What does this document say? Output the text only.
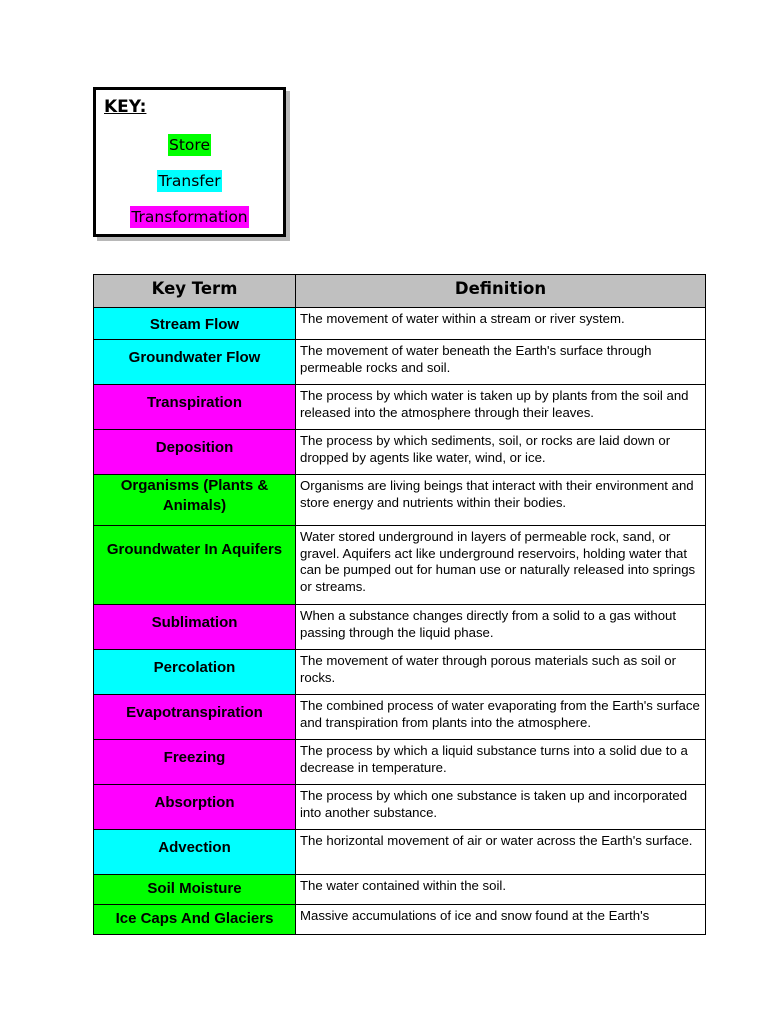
KEY:
Store
Transfer
Transformation
Key Term	Definition
Stream Flow	The movement of water within a stream or river system.
Groundwater Flow	The movement of water beneath the Earth's surface through permeable rocks and soil.
Transpiration	The process by which water is taken up by plants from the soil and released into the atmosphere through their leaves.
Deposition	The process by which sediments, soil, or rocks are laid down or dropped by agents like water, wind, or ice.
Organisms (Plants & Animals)	Organisms are living beings that interact with their environment and store energy and nutrients within their bodies.
Groundwater In Aquifers	Water stored underground in layers of permeable rock, sand, or gravel. Aquifers act like underground reservoirs, holding water that can be pumped out for human use or naturally released into springs or streams.
Sublimation	When a substance changes directly from a solid to a gas without passing through the liquid phase.
Percolation	The movement of water through porous materials such as soil or rocks.
Evapotranspiration	The combined process of water evaporating from the Earth's surface and transpiration from plants into the atmosphere.
Freezing	The process by which a liquid substance turns into a solid due to a decrease in temperature.
Absorption	The process by which one substance is taken up and incorporated into another substance.
Advection	The horizontal movement of air or water across the Earth's surface.
Soil Moisture	The water contained within the soil.
Ice Caps And Glaciers	Massive accumulations of ice and snow found at the Earth's
